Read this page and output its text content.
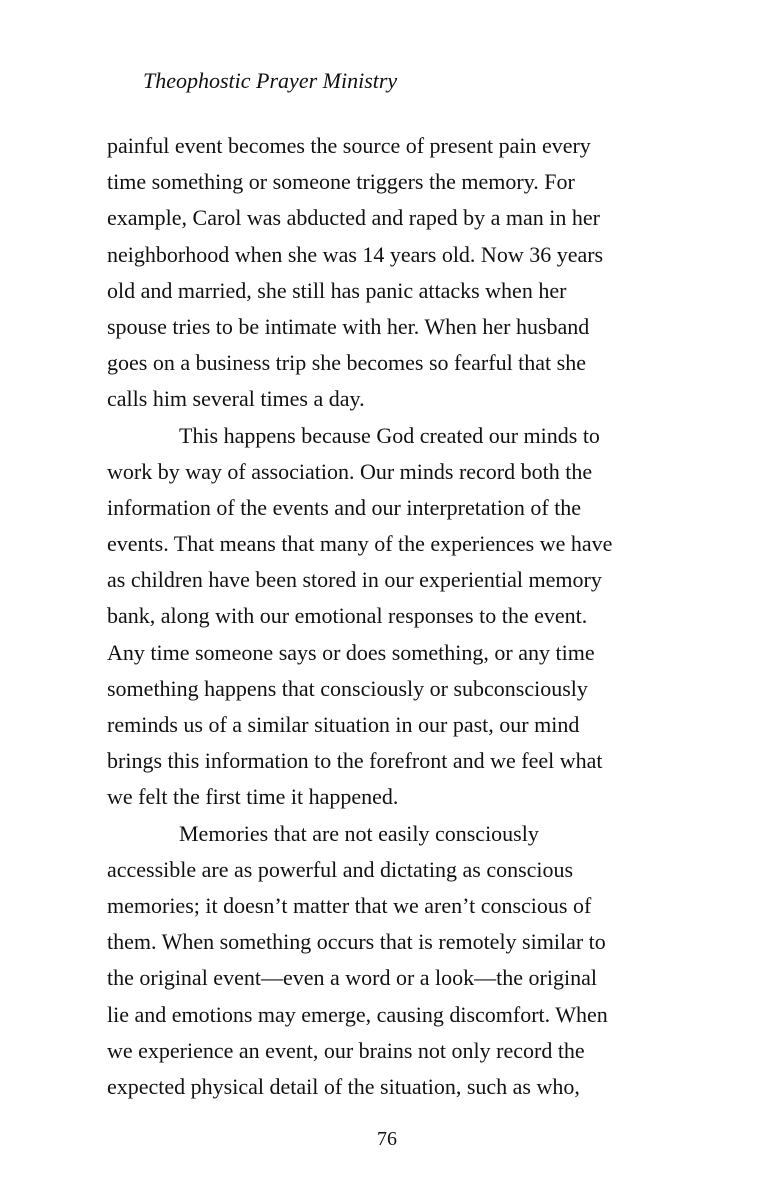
Theophostic Prayer Ministry
painful event becomes the source of present pain every
time something or someone triggers the memory. For
example, Carol was abducted and raped by a man in her
neighborhood when she was 14 years old. Now 36 years
old and married, she still has panic attacks when her
spouse tries to be intimate with her. When her husband
goes on a business trip she becomes so fearful that she
calls him several times a day.
This happens because God created our minds to
work by way of association. Our minds record both the
information of the events and our interpretation of the
events. That means that many of the experiences we have
as children have been stored in our experiential memory
bank, along with our emotional responses to the event.
Any time someone says or does something, or any time
something happens that consciously or subconsciously
reminds us of a similar situation in our past, our mind
brings this information to the forefront and we feel what
we felt the first time it happened.
Memories that are not easily consciously
accessible are as powerful and dictating as conscious
memories; it doesn’t matter that we aren’t conscious of
them. When something occurs that is remotely similar to
the original event—even a word or a look—the original
lie and emotions may emerge, causing discomfort. When
we experience an event, our brains not only record the
expected physical detail of the situation, such as who,
76
